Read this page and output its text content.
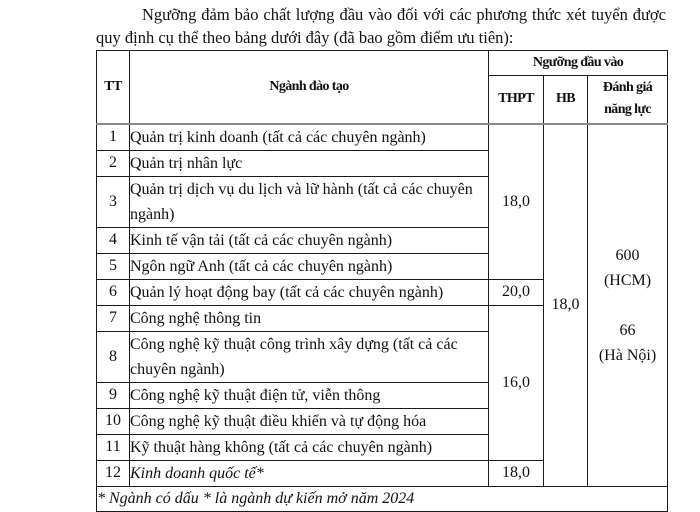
Ngưỡng đảm bảo chất lượng đầu vào đối với các phương thức xét tuyển được
quy định cụ thể theo bảng dưới đây (đã bao gồm điểm ưu tiên):
TT	Ngành đào tạo	Ngưỡng đầu vào		
		THPT	HB	Đánh giá
năng lực
1	Quản trị kinh doanh (tất cả các chuyên ngành)	18,0	18,0	600
(HCM)

66
(Hà Nội)
2	Quản trị nhân lực			
3	Quản trị dịch vụ du lịch và lữ hành (tất cả các chuyên ngành)			
4	Kinh tế vận tải (tất cả các chuyên ngành)			
5	Ngôn ngữ Anh (tất cả các chuyên ngành)			
6	Quản lý hoạt động bay (tất cả các chuyên ngành)	20,0		
7	Công nghệ thông tin	16,0		
8	Công nghệ kỹ thuật công trình xây dựng (tất cả các chuyên ngành)			
9	Công nghệ kỹ thuật điện tử, viễn thông			
10	Công nghệ kỹ thuật điều khiển và tự động hóa			
11	Kỹ thuật hàng không (tất cả các chuyên ngành)			
12	Kinh doanh quốc tế*	18,0		
* Ngành có dấu * là ngành dự kiến mở năm 2024				
